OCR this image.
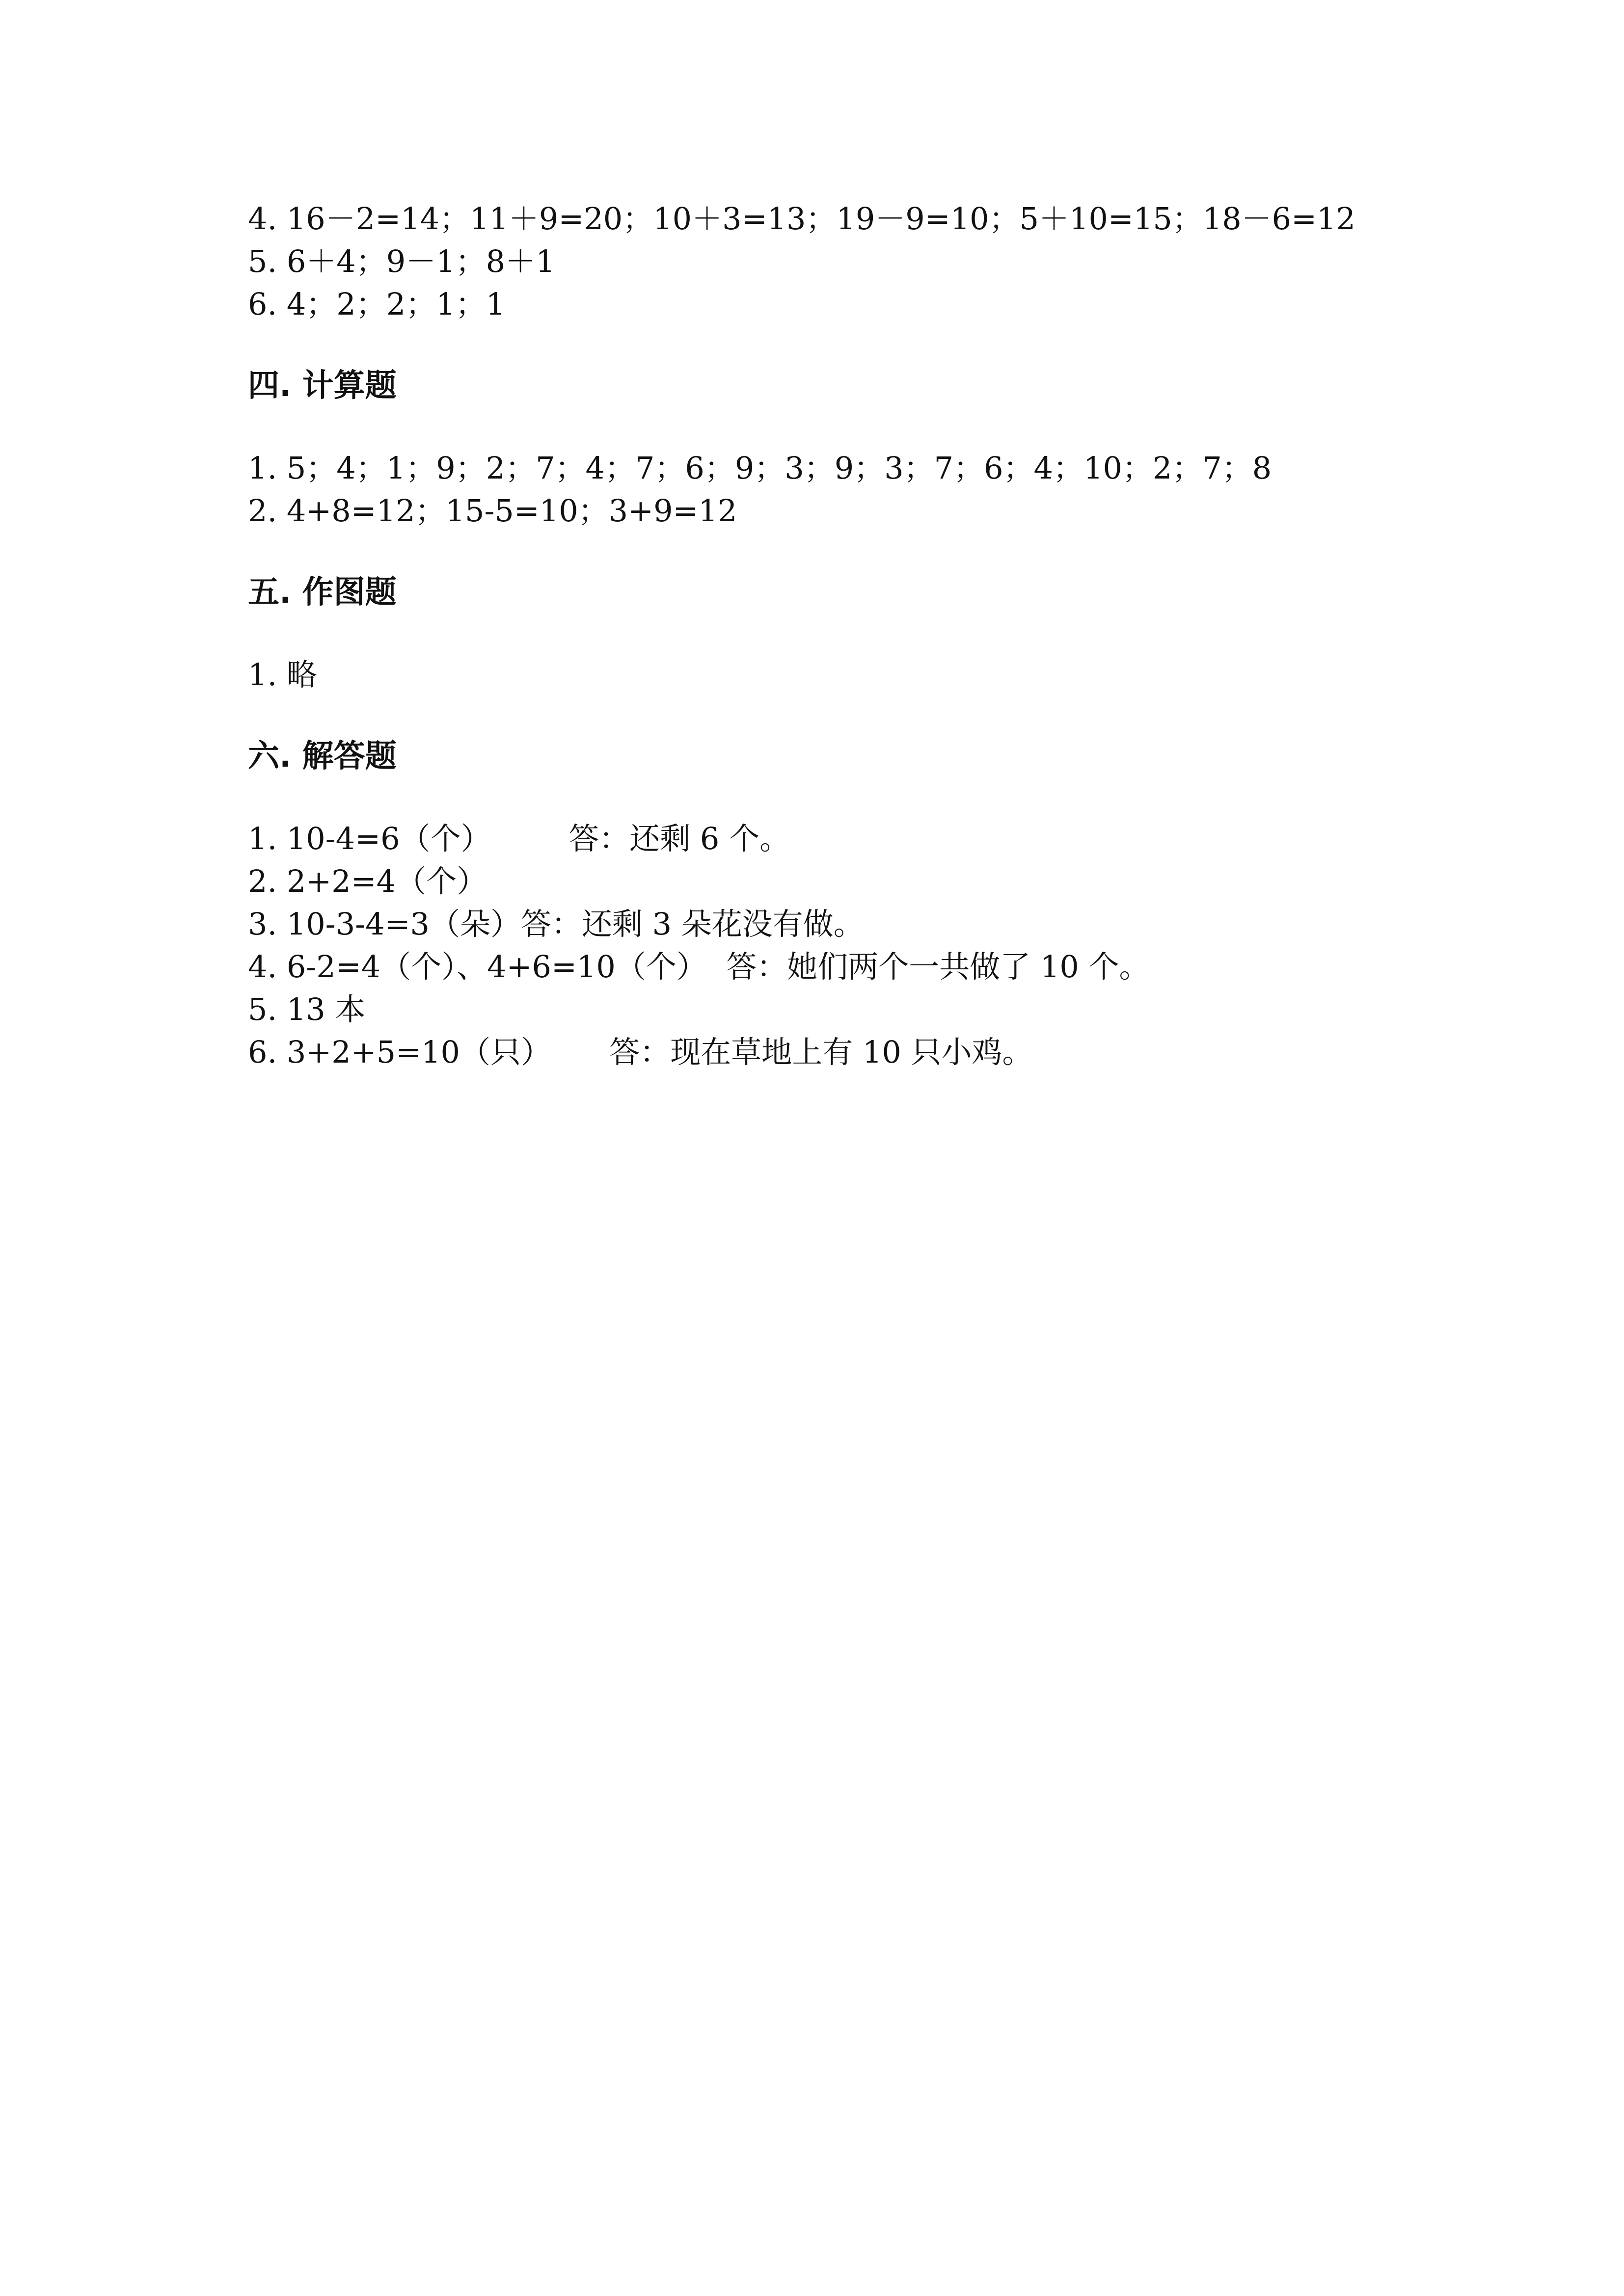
4. 16－2=14；11＋9=20；10＋3=13；19－9=10；5＋10=15；18－6=12
5. 6＋4；9－1；8＋1
6. 4；2；2；1；1
四. 计算题
1. 5；4；1；9；2；7；4；7；6；9；3；9；3；7；6；4；10；2；7；8
2. 4+8=12；15-5=10；3+9=12
五. 作图题
1. 略
六. 解答题
1. 10-4=6（个）        答：还剩 6 个。
2. 2+2=4（个）
3. 10-3-4=3（朵）答：还剩 3 朵花没有做。
4. 6-2=4（个）、4+6=10（个）  答：她们两个一共做了 10 个。
5. 13 本
6. 3+2+5=10（只）      答：现在草地上有 10 只小鸡。
